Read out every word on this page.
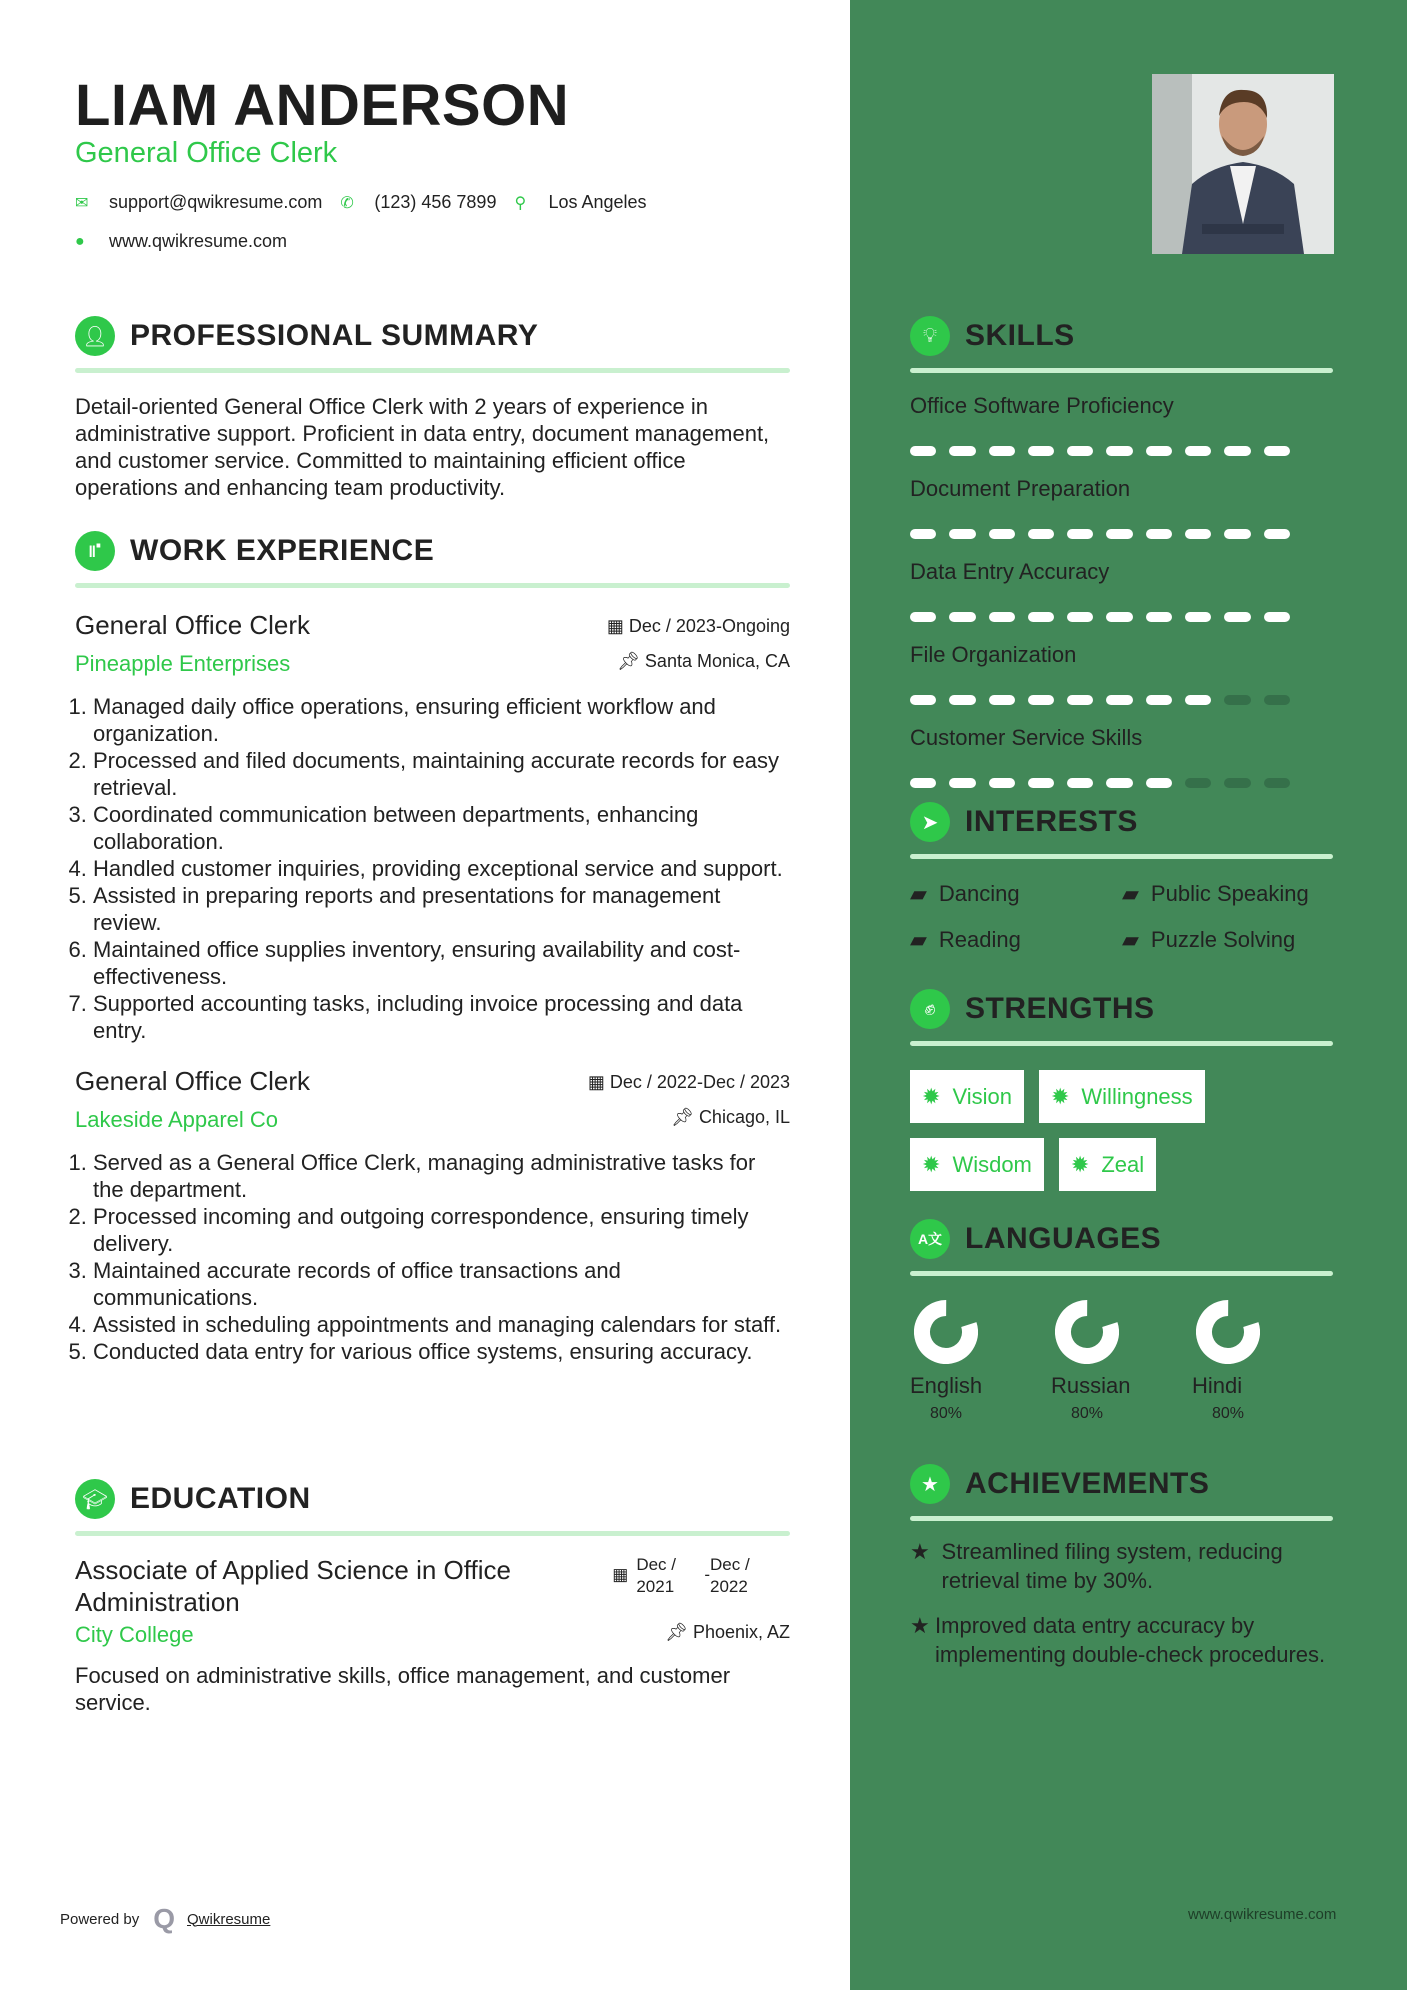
LIAM ANDERSON
General Office Clerk
✉	support@qwikresume.com ✆	(123) 456 7899 ⚲	Los Angeles
●	www.qwikresume.com
👤︎ PROFESSIONAL SUMMARY

Detail-oriented General Office Clerk with 2 years of experience in administrative support. Proficient in data entry, document management, and customer service. Committed to maintaining efficient office operations and enhancing team productivity.

⑈ WORK EXPERIENCE
General Office Clerk	▦ Dec / 2023-Ongoing
Pineapple Enterprises	📌︎ Santa Monica, CA
1. Managed daily office operations, ensuring efficient workflow and organization.
2. Processed and filed documents, maintaining accurate records for easy retrieval.
3. Coordinated communication between departments, enhancing collaboration.
4. Handled customer inquiries, providing exceptional service and support.
5. Assisted in preparing reports and presentations for management review.
6. Maintained office supplies inventory, ensuring availability and cost-effectiveness.
7. Supported accounting tasks, including invoice processing and data entry.
General Office Clerk	▦ Dec / 2022-Dec / 2023
Lakeside Apparel Co	📌︎ Chicago, IL
1. Served as a General Office Clerk, managing administrative tasks for the department.
2. Processed incoming and outgoing correspondence, ensuring timely delivery.
3. Maintained accurate records of office transactions and communications.
4. Assisted in scheduling appointments and managing calendars for staff.
5. Conducted data entry for various office systems, ensuring accuracy.
🎓︎ EDUCATION
Associate of Applied Science in Office Administration
▦
Dec / 2021
-
Dec / 2022
City College	📌︎ Phoenix, AZ

Focused on administrative skills, office management, and customer service.

Powered by Q Qwikresume	www.qwikresume.com
💡︎ SKILLS
Office Software Proficiency
Document Preparation
Data Entry Accuracy
File Organization
Customer Service Skills
➤ INTERESTS
▰ Dancing	▰ Public Speaking
▰ Reading	▰ Puzzle Solving
✊︎ STRENGTHS
✹ Vision ✹ Willingness
✹ Wisdom ✹ Zeal
A文 LANGUAGES
English
80%
Russian
80%
Hindi
80%
★ ACHIEVEMENTS
★ Streamlined filing system, reducing retrieval time by 30%.
★ Improved data entry accuracy by implementing double-check procedures.
